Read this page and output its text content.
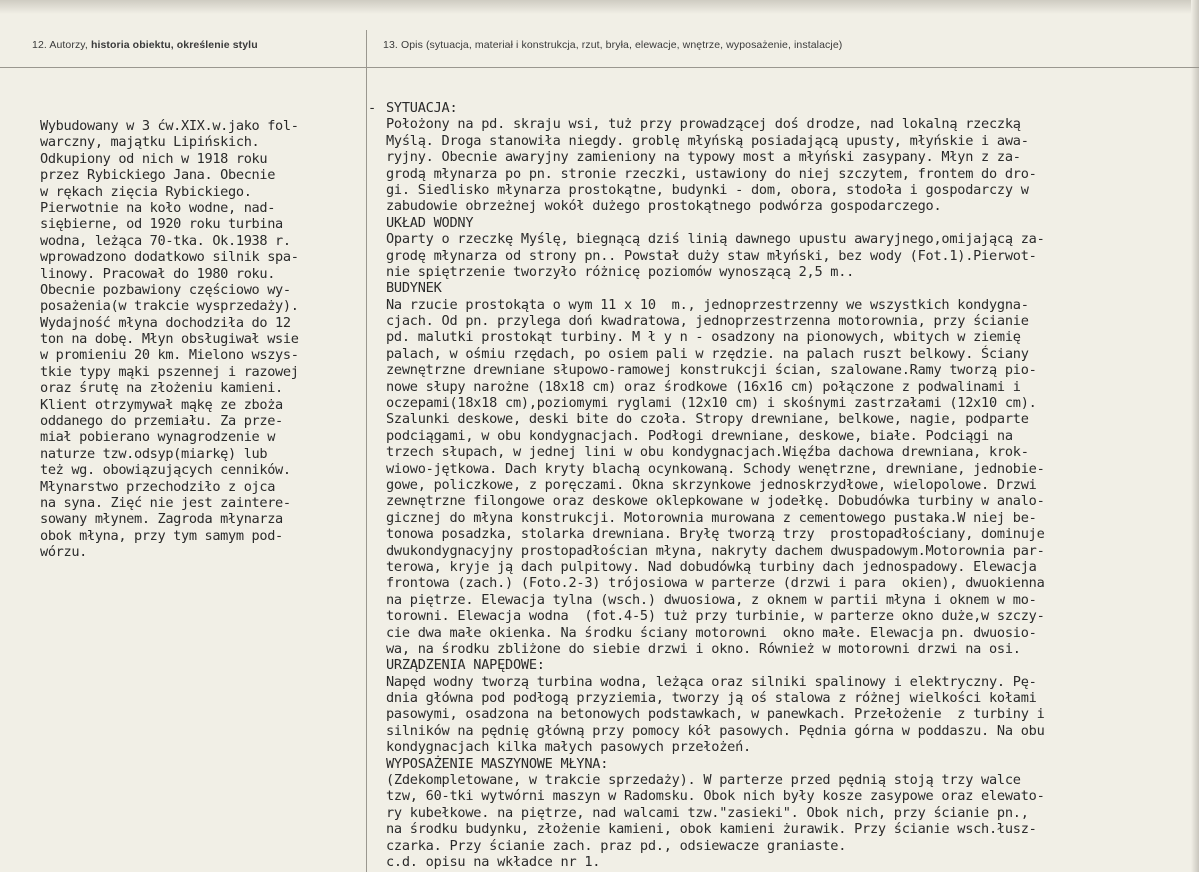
12. Autorzy, historia obiektu, określenie stylu	13. Opis (sytuacja, materiał i konstrukcja, rzut, bryła, elewacje, wnętrze, wyposażenie, instalacje)
-
Wybudowany w 3 ćw.XIX.w.jako fol-
warczny, majątku Lipińskich.
Odkupiony od nich w 1918 roku
przez Rybickiego Jana. Obecnie
w rękach zięcia Rybickiego.
Pierwotnie na koło wodne, nad-
siębierne, od 1920 roku turbina
wodna, leżąca 70-tka. Ok.1938 r.
wprowadzono dodatkowo silnik spa-
linowy. Pracował do 1980 roku.
Obecnie pozbawiony częściowo wy-
posażenia(w trakcie wysprzedaży).
Wydajność młyna dochodziła do 12
ton na dobę. Młyn obsługiwał wsie
w promieniu 20 km. Mielono wszys-
tkie typy mąki pszennej i razowej
oraz śrutę na złożeniu kamieni.
Klient otrzymywał mąkę ze zboża
oddanego do przemiału. Za prze-
miał pobierano wynagrodzenie w
naturze tzw.odsyp(miarkę) lub
też wg. obowiązujących cenników.
Młynarstwo przechodziło z ojca
na syna. Zięć nie jest zaintere-
sowany młynem. Zagroda młynarza
obok młyna, przy tym samym pod-
wórzu.
SYTUACJA:
Położony na pd. skraju wsi, tuż przy prowadzącej doś drodze, nad lokalną rzeczką
Myślą. Droga stanowiła niegdy. groblę młyńską posiadającą upusty, młyńskie i awa-
ryjny. Obecnie awaryjny zamieniony na typowy most a młyński zasypany. Młyn z za-
grodą młynarza po pn. stronie rzeczki, ustawiony do niej szczytem, frontem do dro-
gi. Siedlisko młynarza prostokątne, budynki - dom, obora, stodoła i gospodarczy w
zabudowie obrzeżnej wokół dużego prostokątnego podwórza gospodarczego.
UKŁAD WODNY
Oparty o rzeczkę Myślę, biegnącą dziś linią dawnego upustu awaryjnego,omijającą za-
grodę młynarza od strony pn.. Powstał duży staw młyński, bez wody (Fot.1).Pierwot-
nie spiętrzenie tworzyło różnicę poziomów wynoszącą 2,5 m..
BUDYNEK
Na rzucie prostokąta o wym 11 x 10  m., jednoprzestrzenny we wszystkich kondygna-
cjach. Od pn. przylega doń kwadratowa, jednoprzestrzenna motorownia, przy ścianie
pd. malutki prostokąt turbiny. M ł y n - osadzony na pionowych, wbitych w ziemię
palach, w ośmiu rzędach, po osiem pali w rzędzie. na palach ruszt belkowy. Ściany
zewnętrzne drewniane słupowo-ramowej konstrukcji ścian, szalowane.Ramy tworzą pio-
nowe słupy narożne (18x18 cm) oraz środkowe (16x16 cm) połączone z podwalinami i
oczepami(18x18 cm),poziomymi ryglami (12x10 cm) i skośnymi zastrzałami (12x10 cm).
Szalunki deskowe, deski bite do czoła. Stropy drewniane, belkowe, nagie, podparte
podciągami, w obu kondygnacjach. Podłogi drewniane, deskowe, białe. Podciągi na
trzech słupach, w jednej lini w obu kondygnacjach.Więźba dachowa drewniana, krok-
wiowo-jętkowa. Dach kryty blachą ocynkowaną. Schody wenętrzne, drewniane, jednobie-
gowe, policzkowe, z poręczami. Okna skrzynkowe jednoskrzydłowe, wielopolowe. Drzwi
zewnętrzne filongowe oraz deskowe oklepkowane w jodełkę. Dobudówka turbiny w analo-
gicznej do młyna konstrukcji. Motorownia murowana z cementowego pustaka.W niej be-
tonowa posadzka, stolarka drewniana. Bryłę tworzą trzy  prostopadłościany, dominuje
dwukondygnacyjny prostopadłościan młyna, nakryty dachem dwuspadowym.Motorownia par-
terowa, kryje ją dach pulpitowy. Nad dobudówką turbiny dach jednospadowy. Elewacja
frontowa (zach.) (Foto.2-3) trójosiowa w parterze (drzwi i para  okien), dwuokienna
na piętrze. Elewacja tylna (wsch.) dwuosiowa, z oknem w partii młyna i oknem w mo-
torowni. Elewacja wodna  (fot.4-5) tuż przy turbinie, w parterze okno duże,w szczy-
cie dwa małe okienka. Na środku ściany motorowni  okno małe. Elewacja pn. dwuosio-
wa, na środku zbliżone do siebie drzwi i okno. Również w motorowni drzwi na osi.
URZĄDZENIA NAPĘDOWE:
Napęd wodny tworzą turbina wodna, leżąca oraz silniki spalinowy i elektryczny. Pę-
dnia główna pod podłogą przyziemia, tworzy ją oś stalowa z różnej wielkości kołami
pasowymi, osadzona na betonowych podstawkach, w panewkach. Przełożenie  z turbiny i
silników na pędnię główną przy pomocy kół pasowych. Pędnia górna w poddaszu. Na obu
kondygnacjach kilka małych pasowych przełożeń.
WYPOSAŻENIE MASZYNOWE MŁYNA:
(Zdekompletowane, w trakcie sprzedaży). W parterze przed pędnią stoją trzy walce
tzw, 60-tki wytwórni maszyn w Radomsku. Obok nich były kosze zasypowe oraz elewato-
ry kubełkowe. na piętrze, nad walcami tzw."zasieki". Obok nich, przy ścianie pn.,
na środku budynku, złożenie kamieni, obok kamieni żurawik. Przy ścianie wsch.łusz-
czarka. Przy ścianie zach. praz pd., odsiewacze graniaste.
c.d. opisu na wkładce nr 1.
